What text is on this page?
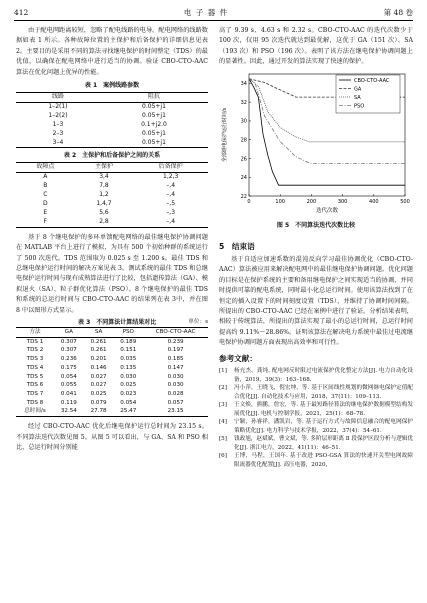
412	电 子 器 件	第 48 卷

由于配电网距离较短，忽略了配电线路的电导。配电网络的线路数据如表 1 所示。各种故障位置的主保护和后备保护的详细信息见表 2。主要目的是采用不同的算法寻找继电保护的时间整定（TDS）的最优值，以确保在配电网络中进行适当的协调。验证 CBO-CTO-AAC 算法在优化问题上优异的性能。

表 1　案例线路参数
线路	阻抗
1–2(1)	0.05+j1
1–2(2)	0.05+j1
1–3	0.1+j2.0
2–3	0.05+j1
3–4	0.05+j1
表 2　主保护和后备保护之间的关系
故障点	主保护	后备保护
A	3,4	1,2,3
B	7,8	–,4
C	1,2	–,4
D	1,4,7	–,5
E	5,6	–,3
F	2,8	–,4

基于 8 个继电保护的多环单馈配电网络的最佳继电保护协调问题在 MATLAB 平台上进行了模拟，为具有 500 个初始种群的系统运行了 500 次迭代。TDS 范围取为 0.025 s 至 1.200 s。最佳 TDS 和总继电保护运行时间的解决方案见表 3。测试系统的最佳 TDS 和总继电保护运行时间与现有成熟算法进行了比较，包括遗传算法（GA）、模拟退火（SA）、粒子群优化算法（PSO）。8 个继电保护的最佳 TDS 和系统的总运行时间与 CBO-CTO-AAC 的结果列在表 3中，并在图 8 中以图形方式显示。

表 3　不同算法计算结果对比	单位：s
方法	GA	SA	PSO	CBO-CTO-AAC
TDS 1	0.307	0.261	0.189	0.239
TDS 2	0.307	0.261	0.151	0.197
TDS 3	0.236	0.201	0.035	0.185
TDS 4	0.175	0.146	0.135	0.147
TDS 5	0.054	0.027	0.030	0.030
TDS 6	0.055	0.027	0.025	0.030
TDS 7	0.041	0.025	0.023	0.028
TDS 8	0.119	0.079	0.054	0.057
总时间/s	32.54	27.78	25.47	23.15

经过 CBO-CTO-AAC 优化后继电保护运行总时间为 23.15 s。不同算法迭代次数见图 5，从图 5 可以看出，与 GA、SA 和 PSO 相比，总运行时间分别能

高了 9.39 s、4.63 s 和 2.32 s。CBO-CTO-AAC 的迭代次数少于 100 次，仅用 95 次迭代就达到最优解，这优于 GA（151 次）、SA（193 次）和 PSO（196 次）。表明了该方法在继电保护协调问题上的显著性。因此，通过开发的算法实现了快速的保护。

0	100	200	300	400	500
22
24
26
28
30
32
34
迭代次数
全部继电保护运行时间/s
CBO-CTO-AAC
GA
SA
PSO
图 5　不同算法迭代次数比较
5　结束语

基于自适应加速系数的混沌反向学习最佳协调优化（CBO-CTO-AAC）算法被应用来解决配电网中的最佳继电保护协调问题。优化问题的目标是在保护系统的主要和备用继电保护之间实现适当的协调，并同时提供可靠的配电系统，同时最小化总运行时间。使用该算法找到了在恒定的插入设置下的时间刻度设置（TDS），并维持了协调时间间隔。所提出的 CBO-CTO-AAC 已经在案例中进行了验证。分析结果表明，相较于传统算法，所提出的算法实现了最小的总运行时间，总运行时间提高约 9.11%～28.86%。证明该算法在解决电力系统中最佳过电流继电保护协调问题方面表现出高效率和可行性。

参考文献：
[1]	杨充杰，龚纯. 配电网反时限过电流保护优化整定方法[J]. 电力自动化设备，2019，39(3)：163–168.
[2]	冯小萍，王晓飞，倪宏坤，等. 基于区间线性规划的微网继电保护定值配合优化[J]. 自动化技术与应用，2018，37(11)：109–113.
[3]	王文焕，熊鹏，詹宏，等. 基于最短路径算法的继电保护数据模型结构发展优化[J]. 电机与控制学报，2021，25(1)：68–78.
[4]	宁颖，孙睿祥，潘凯岩，等. 基于运行方式与故障信息融合的配电网保护策略优化[J]. 电力科学与技术学报，2022，37(4)：54–61.
[5]	钱政旭，赵斌斌，曹文斌，等. 多阶层形距离 Ⅱ 段保护区段分析与逻辑优化[J]. 浙江电力，2022，41(11)：46–51.
[6]	王博，马程，王国年. 基于改进 PSO-GSA 算法的快速开关型电网故障限流器优化配置[J]. 高压电器，2020，
